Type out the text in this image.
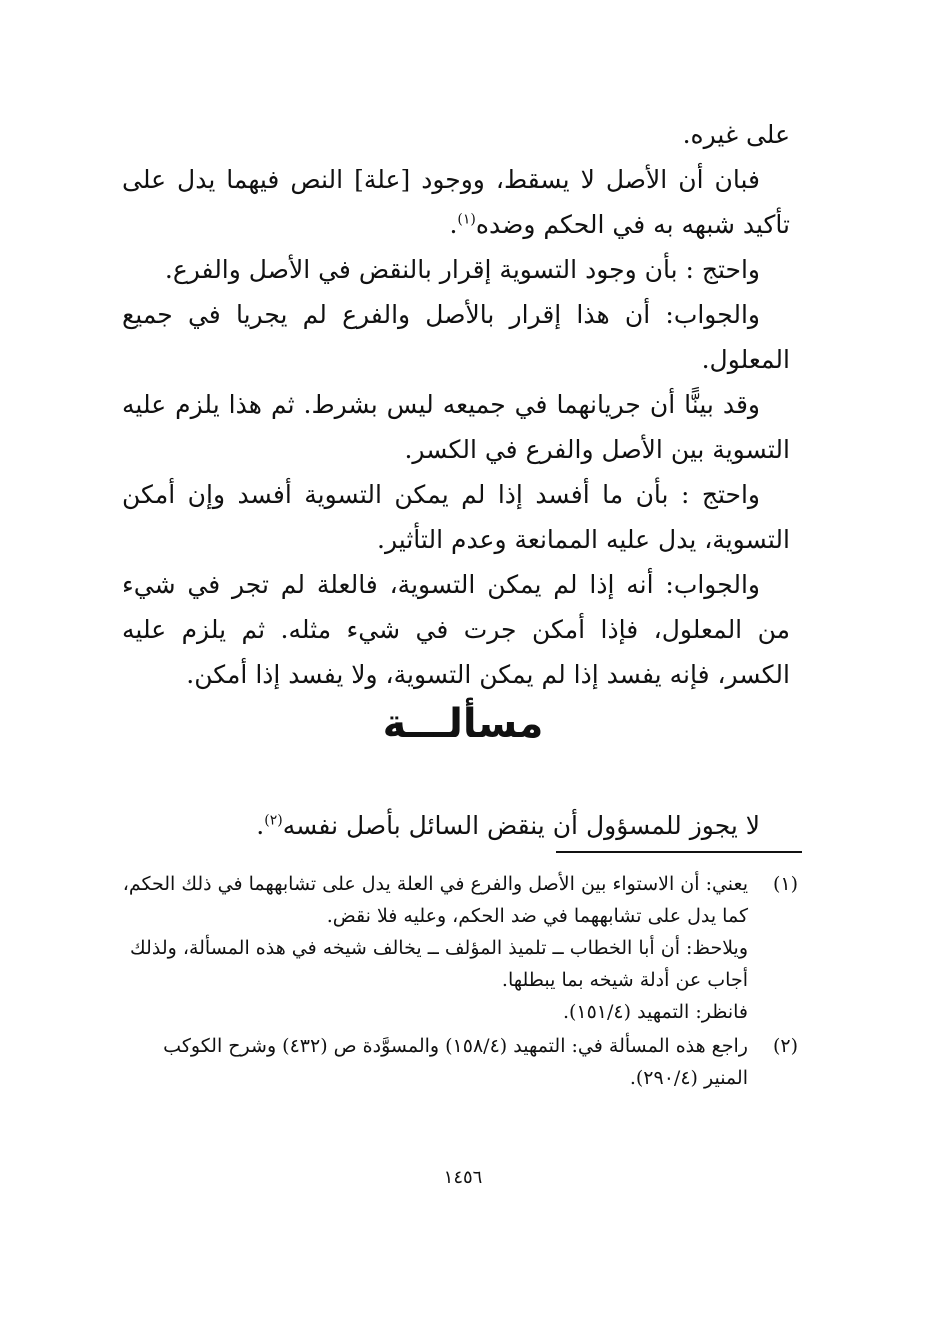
على غيره.

فبان أن الأصل لا يسقط، ووجود [علة] النص فيهما يدل على تأكيد شبهه به في الحكم وضده$^{(١)}$.

واحتج : بأن وجود التسوية إقرار بالنقض في الأصل والفرع.

والجواب: أن هذا إقرار بالأصل والفرع لم يجريا في جميع المعلول.

وقد بينًّا أن جريانهما في جميعه ليس بشرط. ثم هذا يلزم عليه التسوية بين الأصل والفرع في الكسر.

واحتج : بأن ما أفسد إذا لم يمكن التسوية أفسد وإن أمكن التسوية، يدل عليه الممانعة وعدم التأثير.

والجواب: أنه إذا لم يمكن التسوية، فالعلة لم تجر في شيء من المعلول، فإذا أمكن جرت في شيء مثله. ثم يلزم عليه الكسر، فإنه يفسد إذا لم يمكن التسوية، ولا يفسد إذا أمكن.

مسألـــة

لا يجوز للمسؤول أن ينقض السائل بأصل نفسه$^{(٢)}$.

(١)
يعني: أن الاستواء بين الأصل والفرع في العلة يدل على تشابههما في ذلك الحكم،
كما يدل على تشابههما في ضد الحكم، وعليه فلا نقض.
ويلاحظ: أن أبا الخطاب ــ تلميذ المؤلف ــ يخالف شيخه في هذه المسألة، ولذلك
أجاب عن أدلة شيخه بما يبطلها.
فانظر: التمهيد (١٥١/٤).
(٢)
راجع هذه المسألة في: التمهيد (١٥٨/٤) والمسوَّدة ص (٤٣٢) وشرح الكوكب
المنير (٢٩٠/٤).
١٤٥٦
